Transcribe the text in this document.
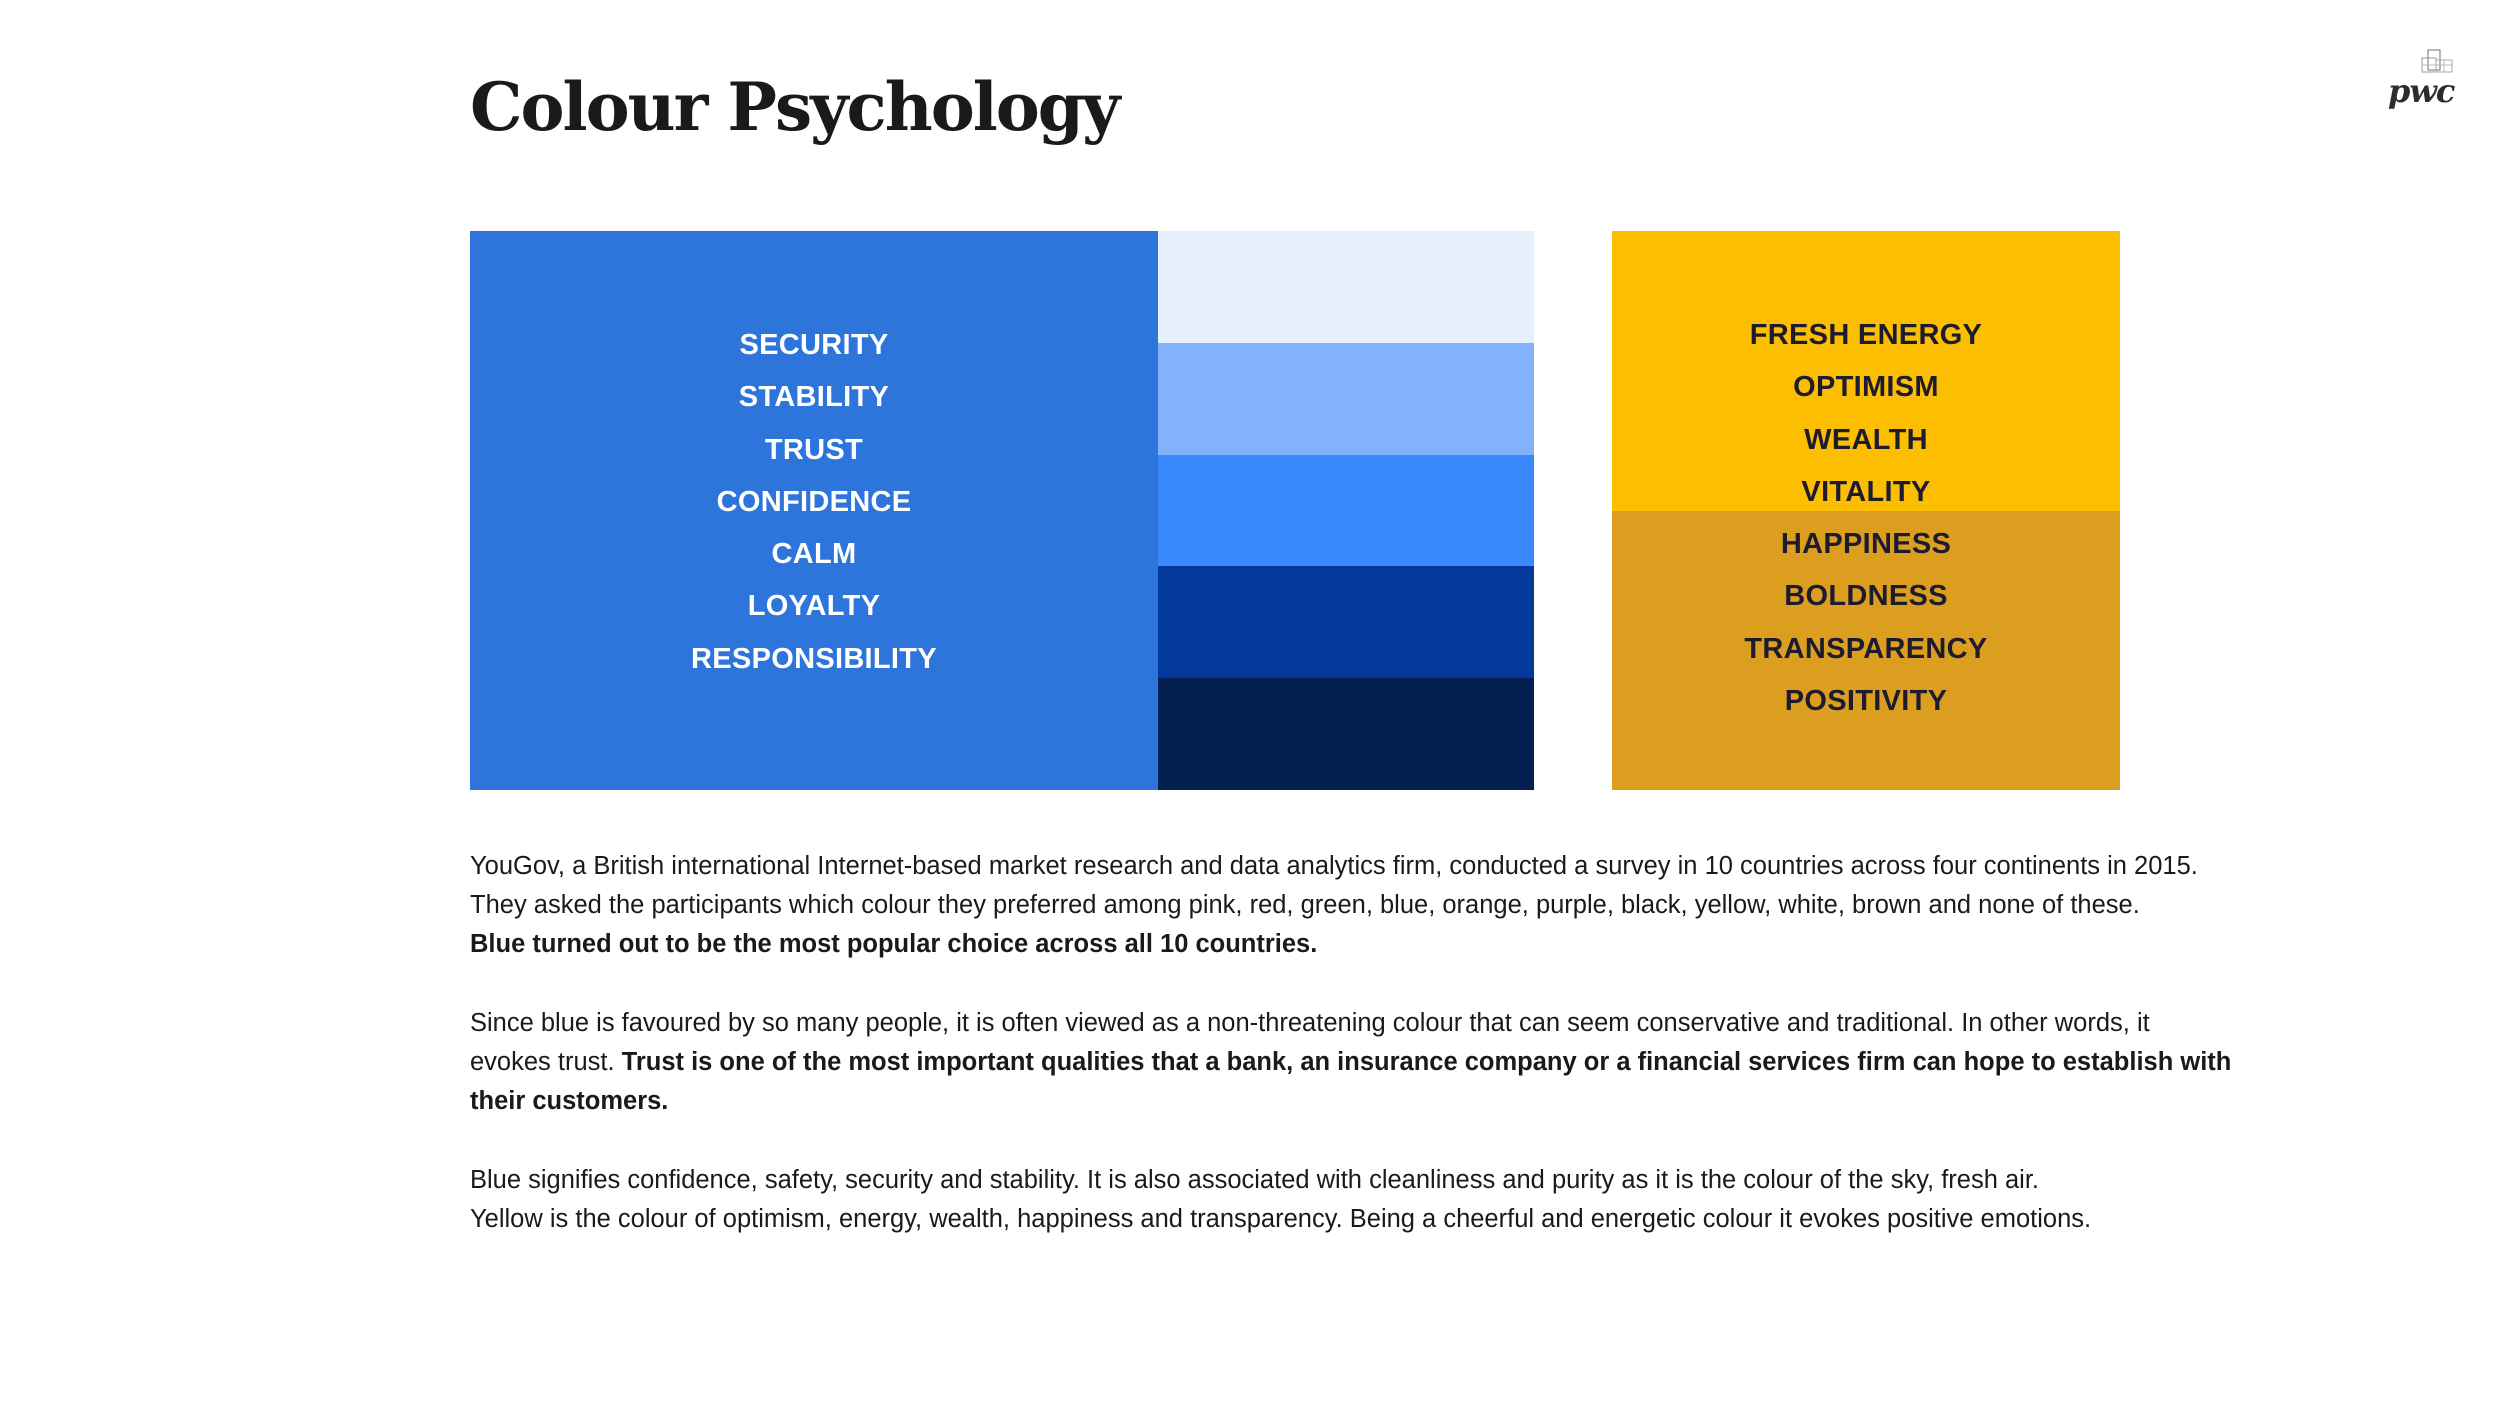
Colour Psychology	pwc
SECURITY
STABILITY
TRUST
CONFIDENCE
CALM
LOYALTY
RESPONSIBILITY
FRESH ENERGY
OPTIMISM
WEALTH
VITALITY
HAPPINESS
BOLDNESS
TRANSPARENCY
POSITIVITY

YouGov, a British international Internet-based market research and data analytics firm, conducted a survey in 10 countries across four continents in 2015.
They asked the participants which colour they preferred among pink, red, green, blue, orange, purple, black, yellow, white, brown and none of these.
Blue turned out to be the most popular choice across all 10 countries.

Since blue is favoured by so many people, it is often viewed as a non-threatening colour that can seem conservative and traditional. In other words, it
evokes trust. Trust is one of the most important qualities that a bank, an insurance company or a financial services firm can hope to establish with
their customers.

Blue signifies confidence, safety, security and stability. It is also associated with cleanliness and purity as it is the colour of the sky, fresh air.
Yellow is the colour of optimism, energy, wealth, happiness and transparency. Being a cheerful and energetic colour it evokes positive emotions.
